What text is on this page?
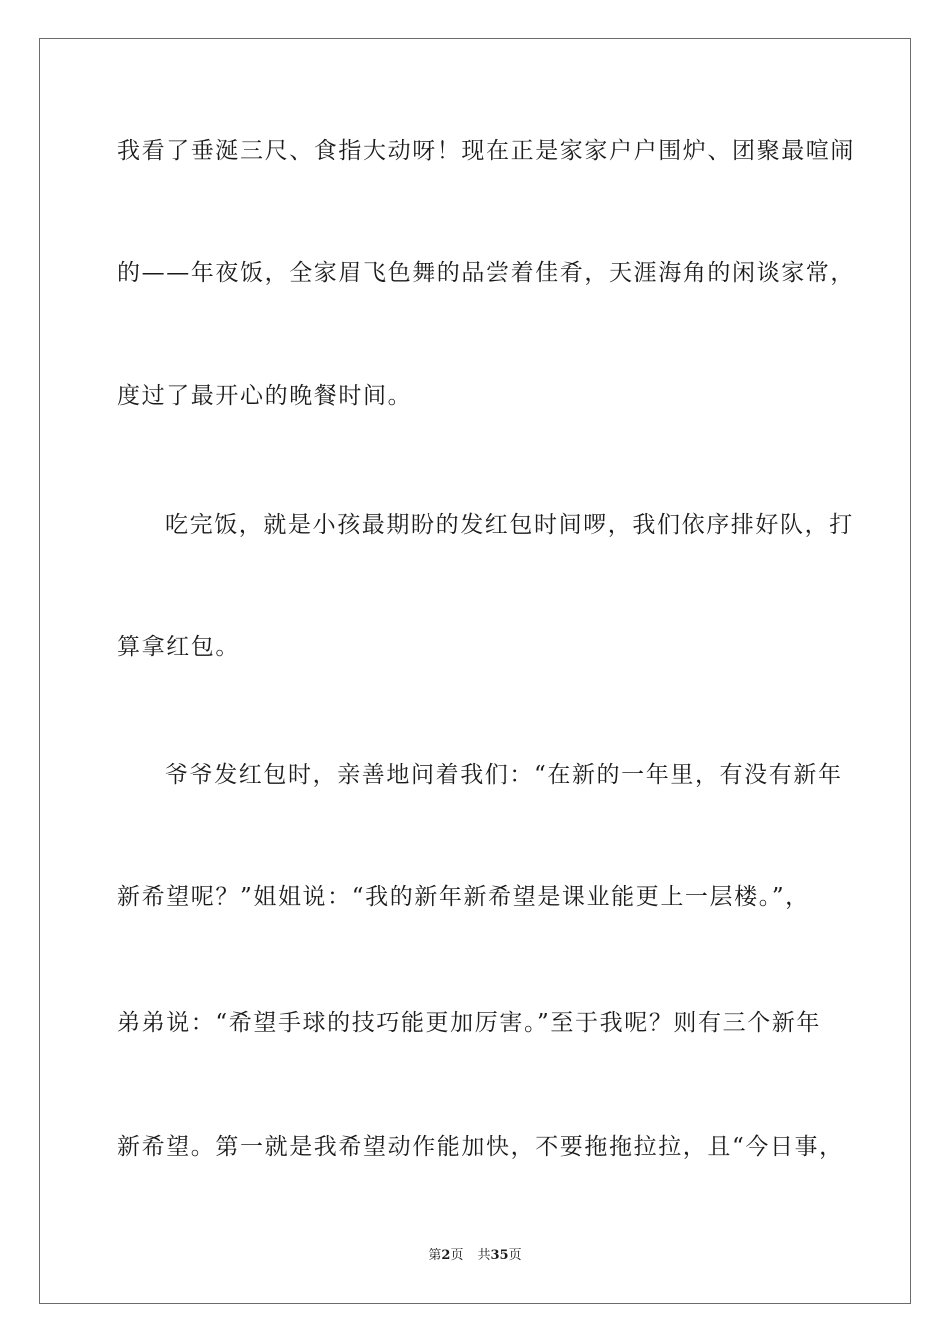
我看了垂涎三尺、食指大动呀！现在正是家家户户围炉、团聚最喧闹
的——年夜饭，全家眉飞色舞的品尝着佳肴，天涯海角的闲谈家常，
度过了最开心的晚餐时间。
吃完饭，就是小孩最期盼的发红包时间啰，我们依序排好队，打
算拿红包。
爷爷发红包时，亲善地问着我们：“在新的一年里，有没有新年
新希望呢？”姐姐说：“我的新年新希望是课业能更上一层楼。”，
弟弟说：“希望手球的技巧能更加厉害。”至于我呢？则有三个新年
新希望。第一就是我希望动作能加快，不要拖拖拉拉，且“今日事，
第2页 共35页
